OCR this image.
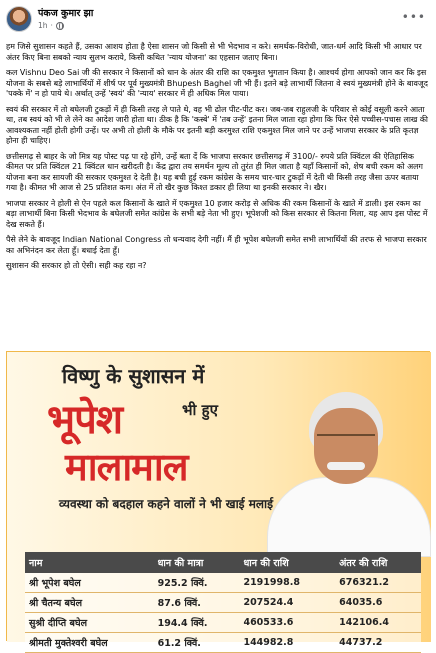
पंकज कुमार झा
1h ·
•••

हम जिसे सुशासन कहते हैं, उसका आशय होता है ऐसा शासन जो किसी से भी भेदभाव न करे। समर्थक-विरोधी, जात-धर्म आदि किसी भी आधार पर अंतर किए बिना सबको न्याय सुलभ कराये, किसी कथित 'न्याय योजना' का एहसान जताए बिना।

कल Vishnu Deo Sai जी की सरकार ने किसानों को धान के अंतर की राशि का एकमुश्त भुगतान किया है। आश्चर्य होगा आपको जान कर कि इस योजना के सबसे बड़े लाभार्थियों में शीर्ष पर पूर्व मुख्यमंत्री Bhupesh Baghel जी भी हैं। इतने बड़े लाभार्थी जितना वे स्वयं मुख्यमंत्री होने के बावजूद 'पक्के में' न हो पाये थे। अर्थात् उन्हें 'स्वयं' की 'न्याय' सरकार में ही अधिक मिल पाया।

स्वयं की सरकार में तो बघेलजी टुकड़ों में ही किसी तरह ले पाते थे, वह भी ढोल पीट-पीट कर। जब-जब राहुलजी के परिवार से कोई वसूली करने आता था, तब स्वयं को भी ले लेने का आदेश जारी होता था। ठीक है कि 'कस्बे' में 'तब उन्हें' इतना मिल जाता रहा होगा कि फिर ऐसे पच्चीस-पचास लाख की आवश्यकता नहीं होती होगी उन्हें। पर अभी तो होली के मौके पर इतनी बड़ी करमुश्त राशि एकमुश्त मिल जाने पर उन्हें भाजपा सरकार के प्रति कृतज्ञ होना ही चाहिए।

छत्तीसगढ़ से बाहर के जो मित्र यह पोस्ट पढ़ पा रहे होंगे, उन्हें बता दें कि भाजपा सरकार छत्तीसगढ़ में 3100/- रुपये प्रति क्विंटल की ऐतिहासिक कीमत पर प्रति क्विंटल 21 क्विंटल धान खरीदती है। केंद्र द्वारा तय समर्थन मूल्य तो तुरंत ही मिल जाता है यहाँ किसानों को, शेष बची रकम को अलग योजना बना कर सायजी की सरकार एकमुश्त दे देती है। यह बची हुई रकम कांग्रेस के समय चार-चार टुकड़ों में देती थी किसी तरह जैसा ऊपर बताया गया है। कीमत भी आज से 25 प्रतिशत कम। अंत में तो खैर कुछ किश्त डकार ही लिया था इनकी सरकार ने। खैर।

भाजपा सरकार ने होली से ऐन पहले कल किसानों के खाते में एकमुश्त 10 हजार करोड़ से अधिक की रकम किसानों के खाते में डाली। इस रकम का बड़ा लाभार्थी बिना किसी भेदभाव के बघेलजी समेत कांग्रेस के सभी बड़े नेता भी हुए। भूपेशजी को किस सरकार से कितना मिला, यह आप इस पोस्ट में देख सकते हैं।

पैसे लेने के बावजूद Indian National Congress तो धन्यवाद देगी नहीं। मैं ही भूपेश बघेलजी समेत सभी लाभार्थियों की तरफ से भाजपा सरकार का अभिनंदन कर लेता हूँ। बधाई देता हूँ।

सुशासन की सरकार हो तो ऐसी। सही कह रहा न?

विष्णु के सुशासन में
भूपेश	भी हुए
मालामाल
व्यवस्था को बदहाल कहने वालों ने भी खाई मलाई
नाम	धान की मात्रा	धान की राशि	अंतर की राशि
श्री भूपेश बघेल	925.2 क्विं.	2191998.8	676321.2
श्री चैतन्य बघेल	87.6 क्विं.	207524.4	64035.6
सुश्री दीप्ति बघेल	194.4 क्विं.	460533.6	142106.4
श्रीमती मुक्तेश्वरी बघेल	61.2 क्विं.	144982.8	44737.2
